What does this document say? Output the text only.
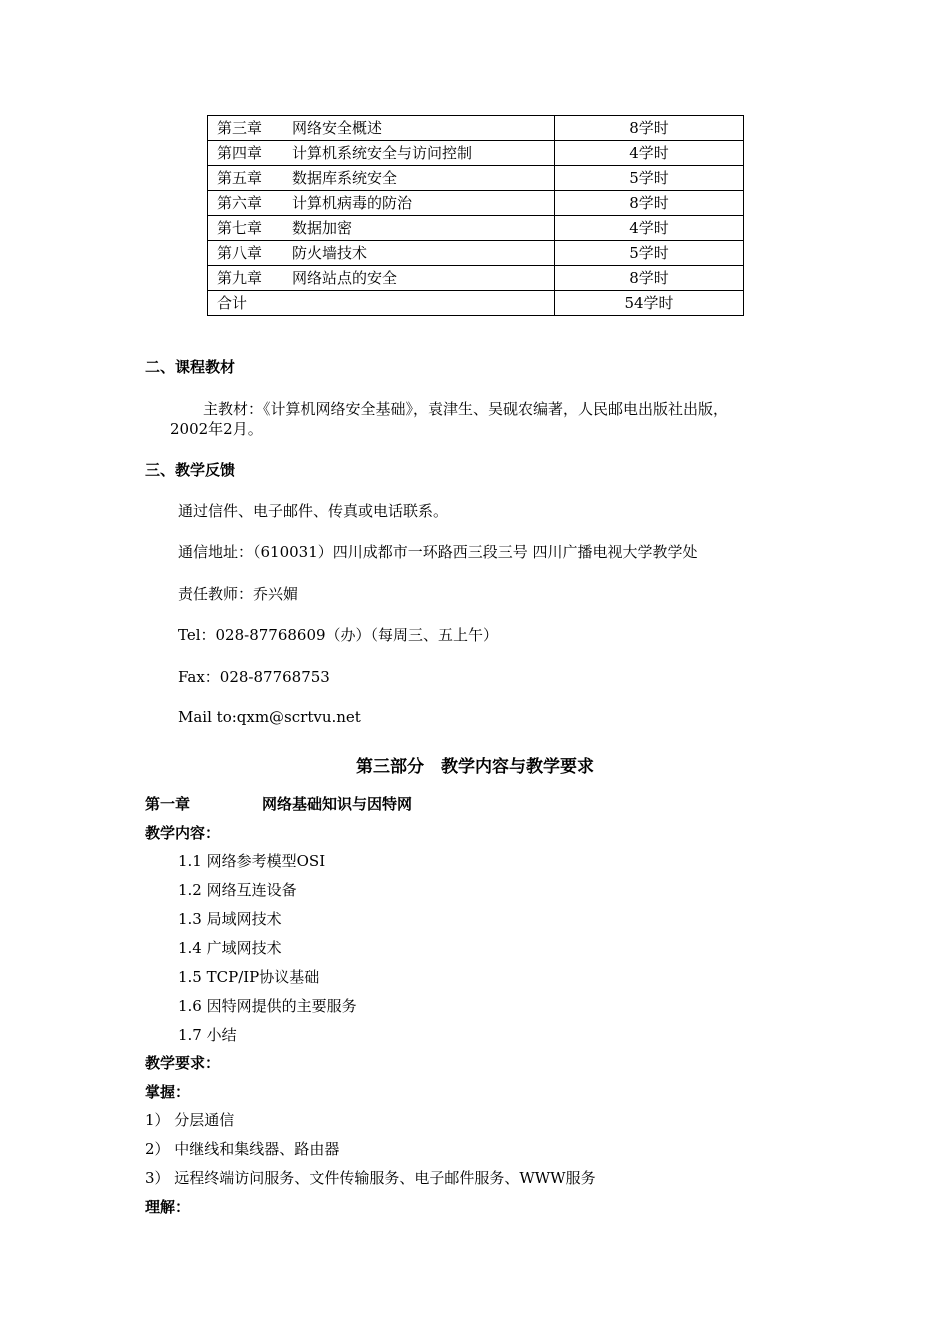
第三章 网络安全概述	8学时
第四章 计算机系统安全与访问控制	4学时
第五章 数据库系统安全	5学时
第六章 计算机病毒的防治	8学时
第七章 数据加密	4学时
第八章 防火墙技术	5学时
第九章 网络站点的安全	8学时
合计	54学时
二、课程教材
主教材：《计算机网络安全基础》，袁津生、吴砚农编著，人民邮电出版社出版，
2002年2月。
三、教学反馈
通过信件、电子邮件、传真或电话联系。
通信地址：（610031）四川成都市一环路西三段三号 四川广播电视大学教学处
责任教师：乔兴媚
Tel：028-87768609（办）（每周三、五上午）
Fax：028-87768753
Mail to:qxm@scrtvu.net
第三部分　教学内容与教学要求
第一章	网络基础知识与因特网
教学内容：
1.1 网络参考模型OSI
1.2 网络互连设备
1.3 局域网技术
1.4 广域网技术
1.5 TCP/IP协议基础
1.6 因特网提供的主要服务
1.7 小结
教学要求：
掌握：
1） 分层通信
2） 中继线和集线器、路由器
3） 远程终端访问服务、文件传输服务、电子邮件服务、WWW服务
理解：
